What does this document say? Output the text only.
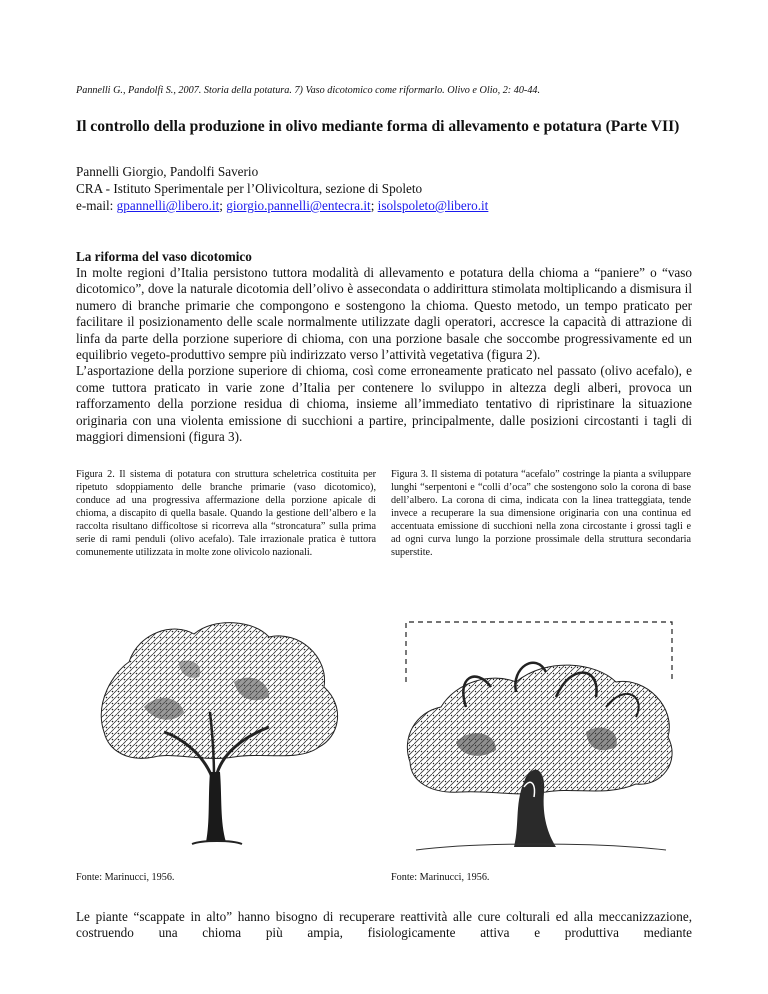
Pannelli G., Pandolfi S., 2007. Storia della potatura. 7) Vaso dicotomico come riformarlo. Olivo e Olio, 2: 40-44.
Il controllo della produzione in olivo mediante forma di allevamento e potatura (Parte VII)
Pannelli Giorgio, Pandolfi Saverio
CRA - Istituto Sperimentale per l’Olivicoltura, sezione di Spoleto
e-mail: gpannelli@libero.it; giorgio.pannelli@entecra.it; isolspoleto@libero.it
La riforma del vaso dicotomico

In molte regioni d’Italia persistono tuttora modalità di allevamento e potatura della chioma a “paniere” o “vaso dicotomico”, dove la naturale dicotomia dell’olivo è assecondata o addirittura stimolata moltiplicando a dismisura il numero di branche primarie che compongono e sostengono la chioma. Questo metodo, un tempo praticato per facilitare il posizionamento delle scale normalmente utilizzate dagli operatori, accresce la capacità di attrazione di linfa da parte della porzione superiore di chioma, con una porzione basale che soccombe progressivamente ed un equilibrio vegeto-produttivo sempre più indirizzato verso l’attività vegetativa (figura 2).

L’asportazione della porzione superiore di chioma, così come erroneamente praticato nel passato (olivo acefalo), e come tuttora praticato in varie zone d’Italia per contenere lo sviluppo in altezza degli alberi, provoca un rafforzamento della porzione residua di chioma, insieme all’immediato tentativo di ripristinare la situazione originaria con una violenta emissione di succhioni a partire, principalmente, dalle posizioni circostanti i tagli di maggiori dimensioni (figura 3).

Figura 2. Il sistema di potatura con struttura scheletrica costituita per ripetuto sdoppiamento delle branche primarie (vaso dicotomico), conduce ad una progressiva affermazione della porzione apicale di chioma, a discapito di quella basale. Quando la gestione dell’albero e la raccolta risultano difficoltose si ricorreva alla “stroncatura” sulla prima serie di rami penduli (olivo acefalo). Tale irrazionale pratica è tuttora comunemente utilizzata in molte zone olivicolo nazionali.
Figura 3. Il sistema di potatura “acefalo” costringe la pianta a sviluppare lunghi “serpentoni e “colli d’oca” che sostengono solo la corona di base dell’albero. La corona di cima, indicata con la linea tratteggiata, tende invece a recuperare la sua dimensione originaria con una continua ed accentuata emissione di succhioni nella zona circostante i grossi tagli e ad ogni curva lungo la porzione prossimale della struttura secondaria superstite.
Fonte: Marinucci, 1956.	Fonte: Marinucci, 1956.

Le piante “scappate in alto” hanno bisogno di recuperare reattività alle cure colturali ed alla meccanizzazione, costruendo una chioma più ampia, fisiologicamente attiva e produttiva mediante
